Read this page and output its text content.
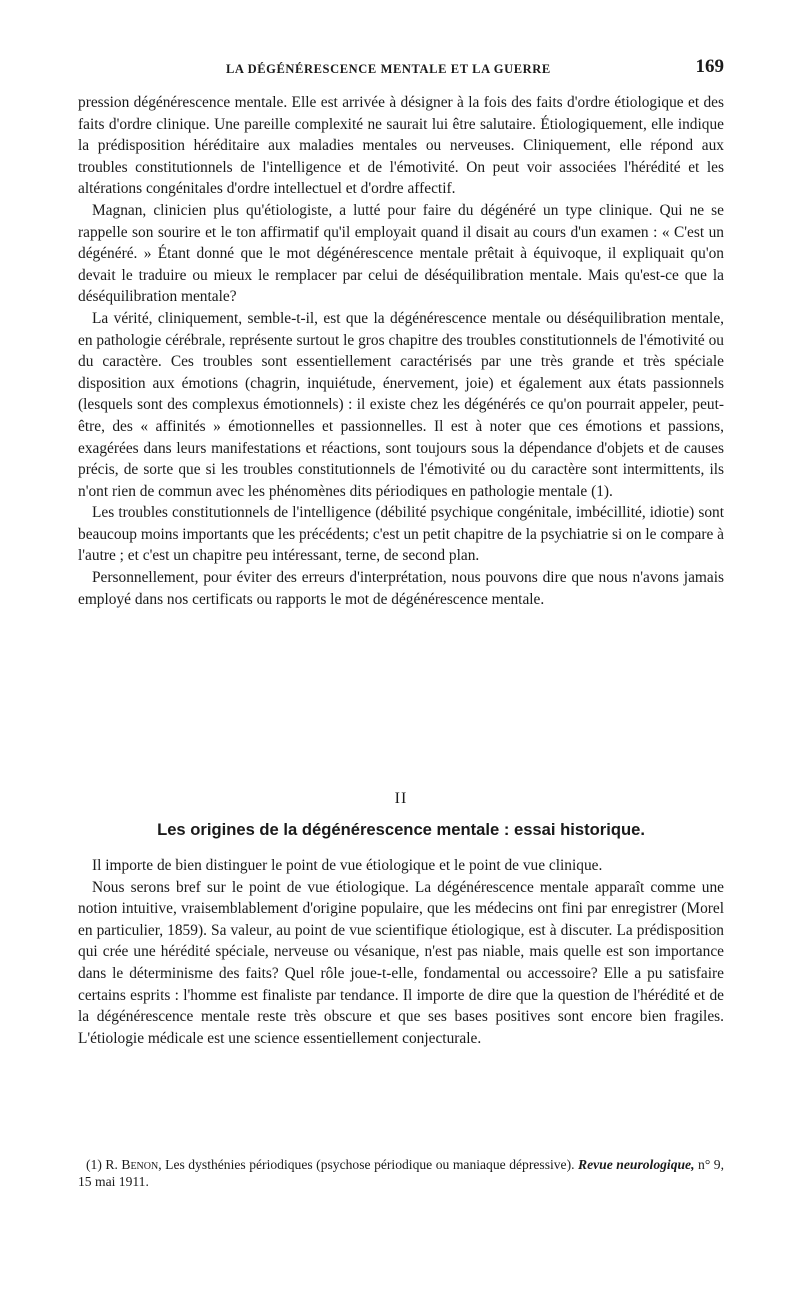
LA DÉGÉNÉRESCENCE MENTALE ET LA GUERRE	169

pression dégénérescence mentale. Elle est arrivée à désigner à la fois des faits d'ordre étiologique et des faits d'ordre clinique. Une pareille complexité ne saurait lui être salutaire. Étiologiquement, elle indique la prédisposition héréditaire aux maladies mentales ou nerveuses. Cliniquement, elle répond aux troubles constitutionnels de l'intelligence et de l'émotivité. On peut voir associées l'hérédité et les altérations congénitales d'ordre intellectuel et d'ordre affectif.

Magnan, clinicien plus qu'étiologiste, a lutté pour faire du dégénéré un type clinique. Qui ne se rappelle son sourire et le ton affirmatif qu'il employait quand il disait au cours d'un examen : « C'est un dégénéré. » Étant donné que le mot dégénérescence mentale prêtait à équivoque, il expliquait qu'on devait le traduire ou mieux le remplacer par celui de déséquilibration mentale. Mais qu'est-ce que la déséquilibration mentale?

La vérité, cliniquement, semble-t-il, est que la dégénérescence mentale ou déséquilibration mentale, en pathologie cérébrale, représente surtout le gros chapitre des troubles constitutionnels de l'émotivité ou du caractère. Ces troubles sont essentiellement caractérisés par une très grande et très spéciale disposition aux émotions (chagrin, inquiétude, énervement, joie) et également aux états passionnels (lesquels sont des complexus émotionnels) : il existe chez les dégénérés ce qu'on pourrait appeler, peut-être, des « affinités » émotionnelles et passionnelles. Il est à noter que ces émotions et passions, exagérées dans leurs manifestations et réactions, sont toujours sous la dépendance d'objets et de causes précis, de sorte que si les troubles constitutionnels de l'émotivité ou du caractère sont intermittents, ils n'ont rien de commun avec les phénomènes dits périodiques en pathologie mentale (1).

Les troubles constitutionnels de l'intelligence (débilité psychique congénitale, imbécillité, idiotie) sont beaucoup moins importants que les précédents; c'est un petit chapitre de la psychiatrie si on le compare à l'autre ; et c'est un chapitre peu intéressant, terne, de second plan.

Personnellement, pour éviter des erreurs d'interprétation, nous pouvons dire que nous n'avons jamais employé dans nos certificats ou rapports le mot de dégénérescence mentale.

II
Les origines de la dégénérescence mentale : essai historique.

Il importe de bien distinguer le point de vue étiologique et le point de vue clinique.

Nous serons bref sur le point de vue étiologique. La dégénérescence mentale apparaît comme une notion intuitive, vraisemblablement d'origine populaire, que les médecins ont fini par enregistrer (Morel en particulier, 1859). Sa valeur, au point de vue scientifique étiologique, est à discuter. La prédisposition qui crée une hérédité spéciale, nerveuse ou vésanique, n'est pas niable, mais quelle est son importance dans le déterminisme des faits? Quel rôle joue-t-elle, fondamental ou accessoire? Elle a pu satisfaire certains esprits : l'homme est finaliste par tendance. Il importe de dire que la question de l'hérédité et de la dégénérescence mentale reste très obscure et que ses bases positives sont encore bien fragiles. L'étiologie médicale est une science essentiellement conjecturale.

(1) R. Benon, Les dysthénies périodiques (psychose périodique ou maniaque dépressive). Revue neurologique, n° 9, 15 mai 1911.
